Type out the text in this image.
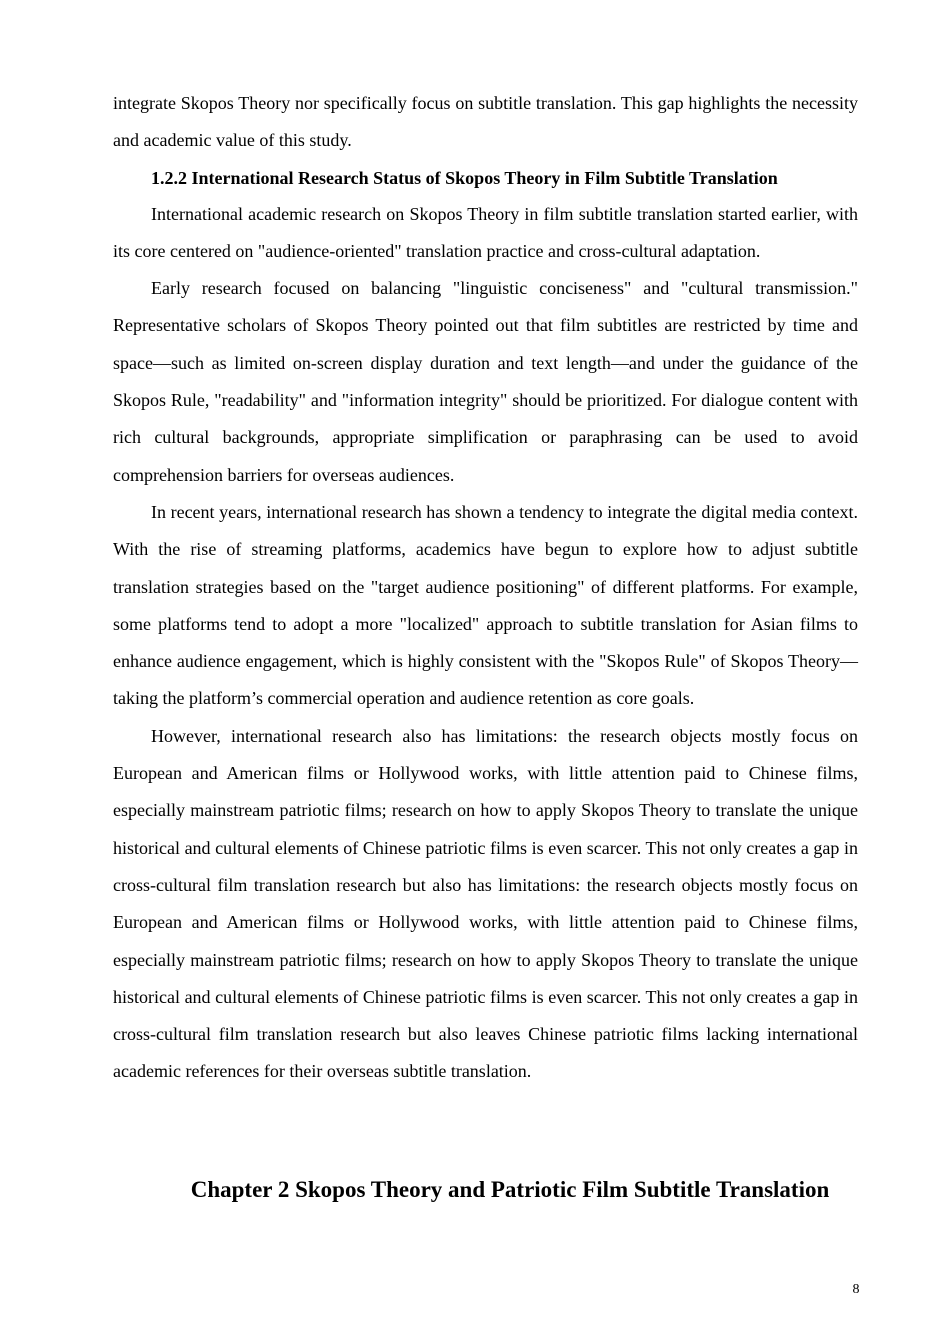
integrate Skopos Theory nor specifically focus on subtitle translation. This gap highlights the necessity and academic value of this study.

1.2.2 International Research Status of Skopos Theory in Film Subtitle Translation

International academic research on Skopos Theory in film subtitle translation started earlier, with its core centered on "audience-oriented" translation practice and cross-cultural adaptation.

Early research focused on balancing "linguistic conciseness" and "cultural transmission." Representative scholars of Skopos Theory pointed out that film subtitles are restricted by time and space—such as limited on-screen display duration and text length—and under the guidance of the Skopos Rule, "readability" and "information integrity" should be prioritized. For dialogue content with rich cultural backgrounds, appropriate simplification or paraphrasing can be used to avoid comprehension barriers for overseas audiences.

In recent years, international research has shown a tendency to integrate the digital media context. With the rise of streaming platforms, academics have begun to explore how to adjust subtitle translation strategies based on the "target audience positioning" of different platforms. For example, some platforms tend to adopt a more "localized" approach to subtitle translation for Asian films to enhance audience engagement, which is highly consistent with the "Skopos Rule" of Skopos Theory—taking the platform’s commercial operation and audience retention as core goals.

However, international research also has limitations: the research objects mostly focus on European and American films or Hollywood works, with little attention paid to Chinese films, especially mainstream patriotic films; research on how to apply Skopos Theory to translate the unique historical and cultural elements of Chinese patriotic films is even scarcer. This not only creates a gap in cross-cultural film translation research but also has limitations: the research objects mostly focus on European and American films or Hollywood works, with little attention paid to Chinese films, especially mainstream patriotic films; research on how to apply Skopos Theory to translate the unique historical and cultural elements of Chinese patriotic films is even scarcer. This not only creates a gap in cross-cultural film translation research but also leaves Chinese patriotic films lacking international academic references for their overseas subtitle translation.

Chapter 2 Skopos Theory and Patriotic Film Subtitle Translation
8
